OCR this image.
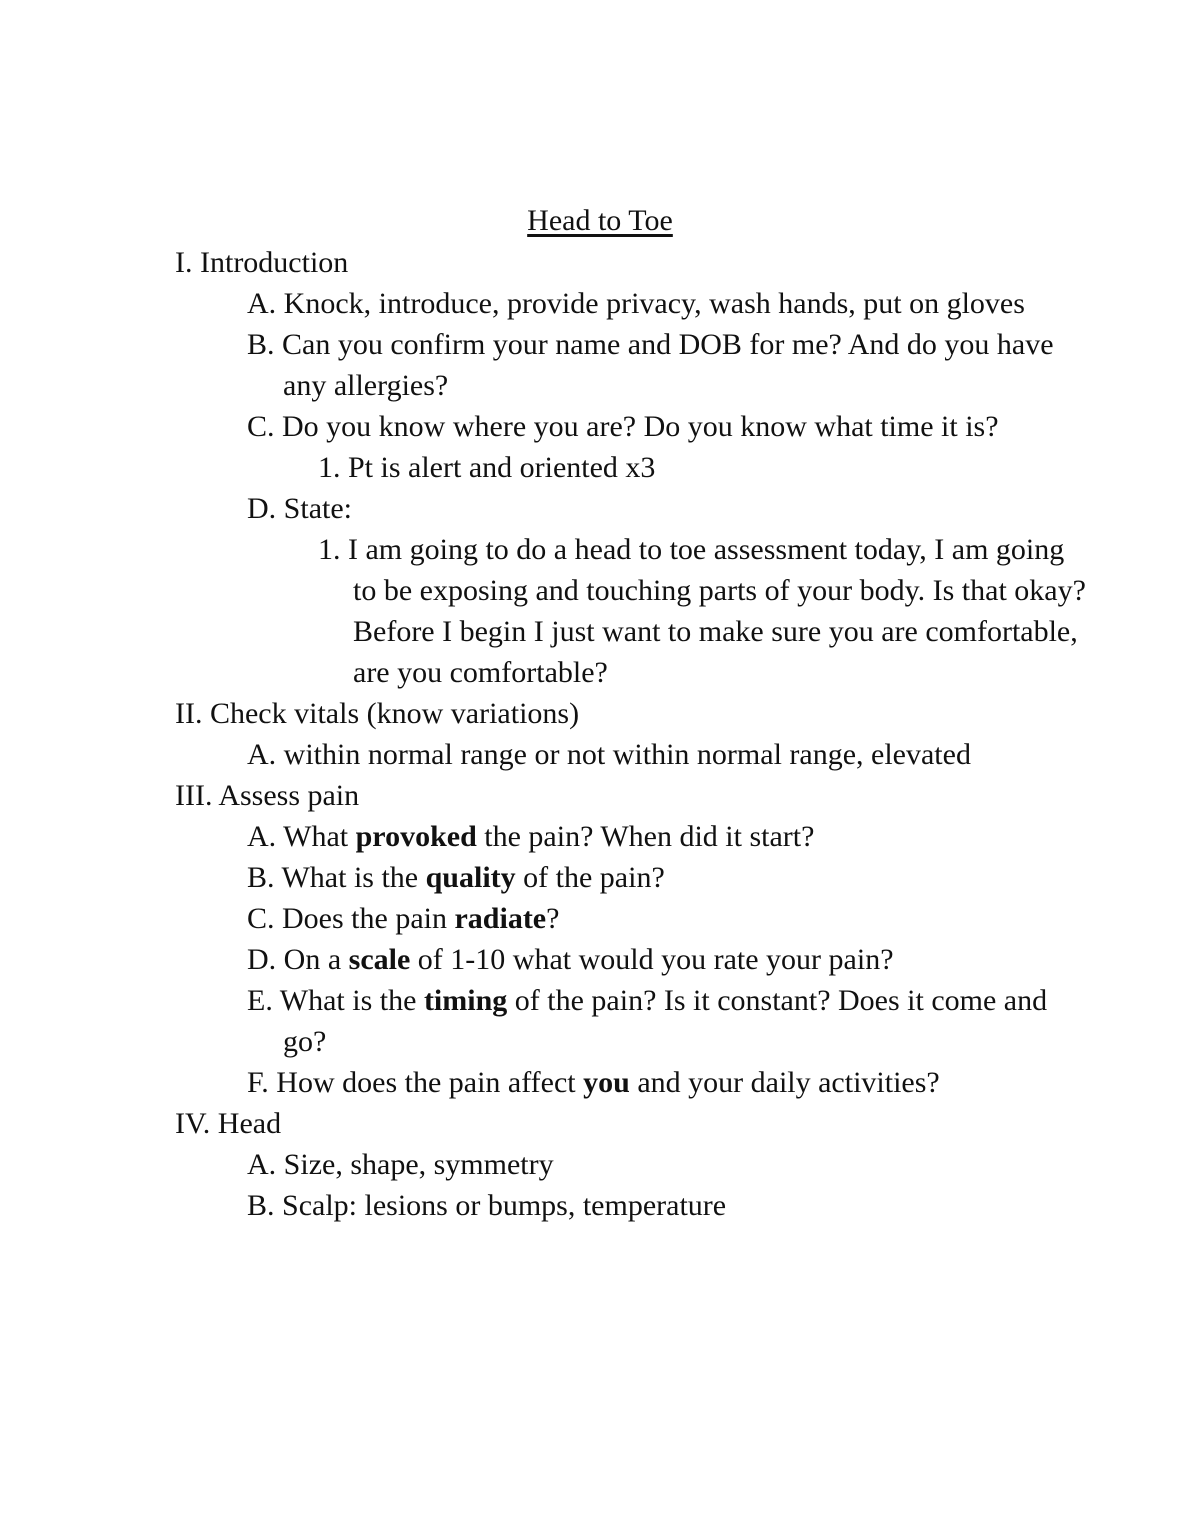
Head to Toe
I. Introduction
A. Knock, introduce, provide privacy, wash hands, put on gloves
B. Can you confirm your name and DOB for me? And do you have any allergies?
C. Do you know where you are? Do you know what time it is?
1. Pt is alert and oriented x3
D. State:
1. I am going to do a head to toe assessment today, I am going to be exposing and touching parts of your body. Is that okay? Before I begin I just want to make sure you are comfortable, are you comfortable?
II. Check vitals (know variations)
A. within normal range or not within normal range, elevated
III. Assess pain
A. What provoked the pain? When did it start?
B. What is the quality of the pain?
C. Does the pain radiate?
D. On a scale of 1-10 what would you rate your pain?
E. What is the timing of the pain? Is it constant? Does it come and go?
F. How does the pain affect you and your daily activities?
IV. Head
A. Size, shape, symmetry
B. Scalp: lesions or bumps, temperature
